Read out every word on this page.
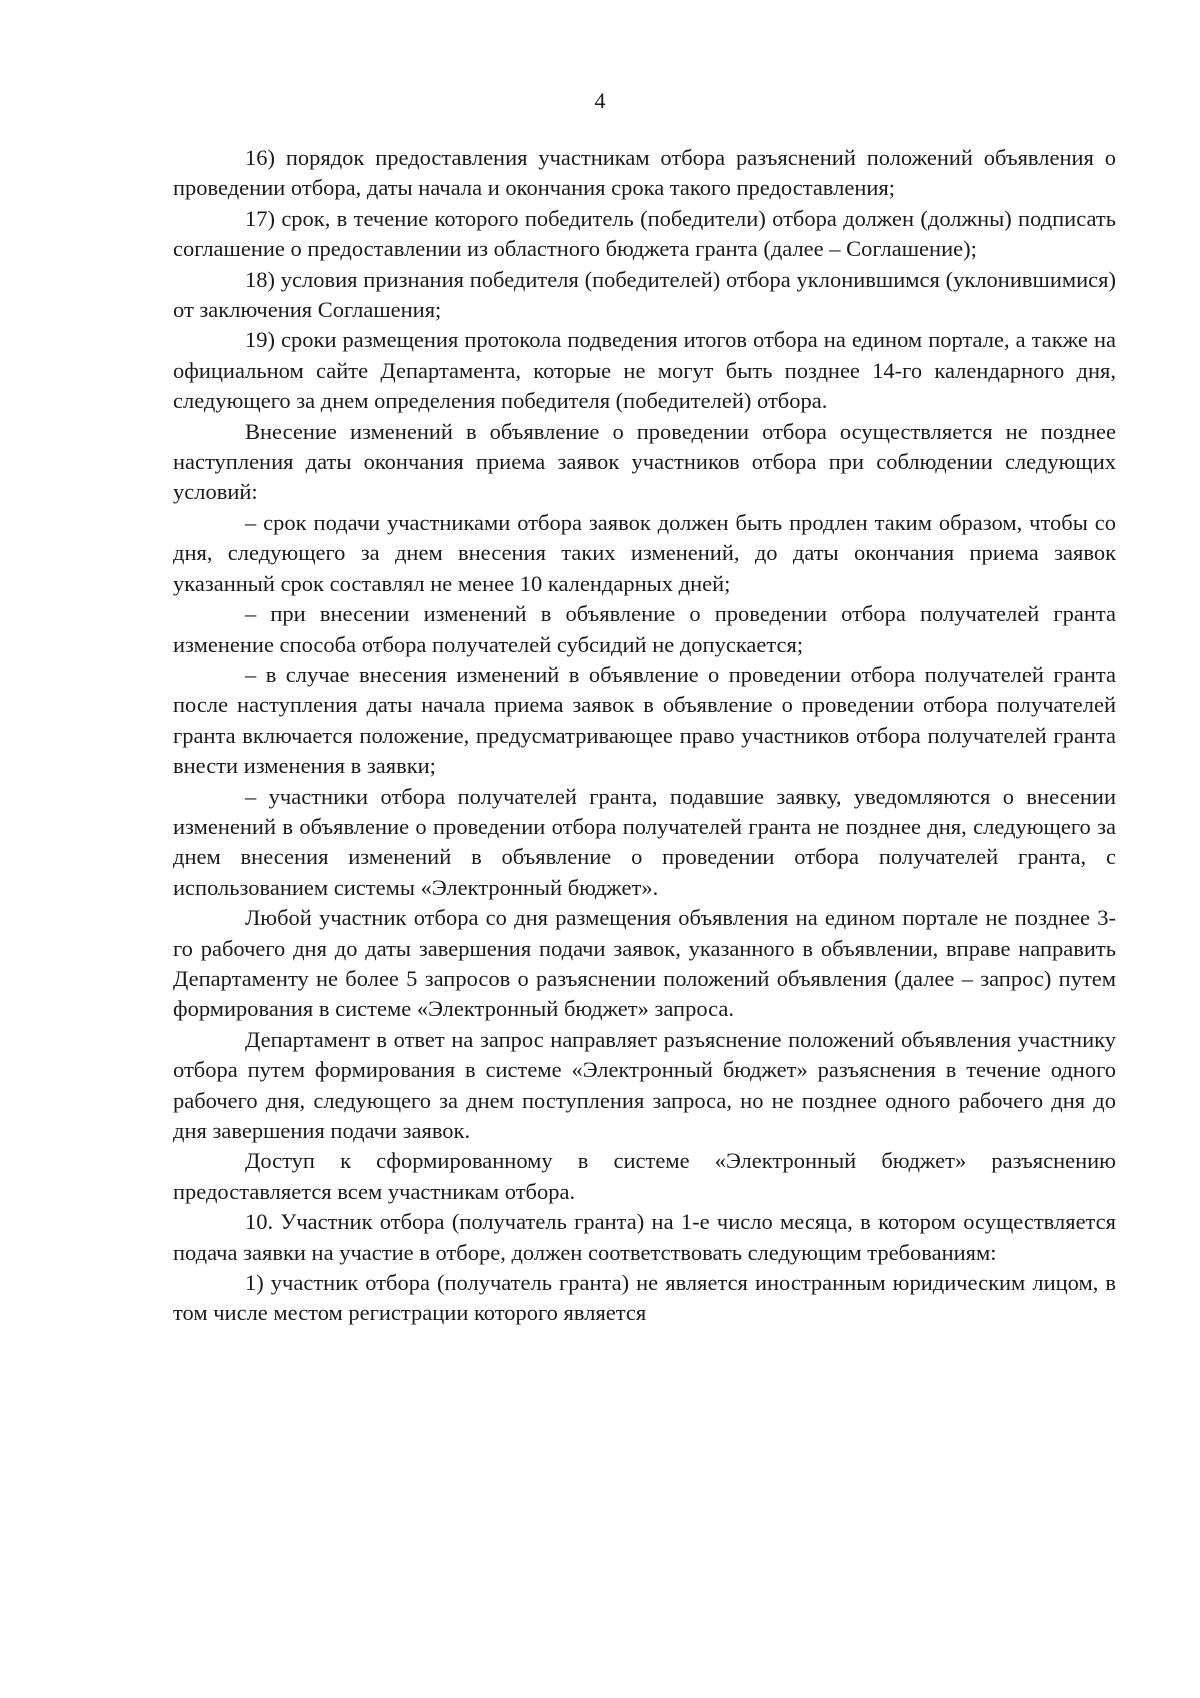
4

16) порядок предоставления участникам отбора разъяснений положений объявления о проведении отбора, даты начала и окончания срока такого предоставления;

17) срок, в течение которого победитель (победители) отбора должен (должны) подписать соглашение о предоставлении из областного бюджета гранта (далее – Соглашение);

18) условия признания победителя (победителей) отбора уклонившимся (уклонившимися) от заключения Соглашения;

19) сроки размещения протокола подведения итогов отбора на едином портале, а также на официальном сайте Департамента, которые не могут быть позднее 14-го календарного дня, следующего за днем определения победителя (победителей) отбора.

Внесение изменений в объявление о проведении отбора осуществляется не позднее наступления даты окончания приема заявок участников отбора при соблюдении следующих условий:

– срок подачи участниками отбора заявок должен быть продлен таким образом, чтобы со дня, следующего за днем внесения таких изменений, до даты окончания приема заявок указанный срок составлял не менее 10 календарных дней;

– при внесении изменений в объявление о проведении отбора получателей гранта изменение способа отбора получателей субсидий не допускается;

– в случае внесения изменений в объявление о проведении отбора получателей гранта после наступления даты начала приема заявок в объявление о проведении отбора получателей гранта включается положение, предусматривающее право участников отбора получателей гранта внести изменения в заявки;

– участники отбора получателей гранта, подавшие заявку, уведомляются о внесении изменений в объявление о проведении отбора получателей гранта не позднее дня, следующего за днем внесения изменений в объявление о проведении отбора получателей гранта, с использованием системы «Электронный бюджет».

Любой участник отбора со дня размещения объявления на едином портале не позднее 3-го рабочего дня до даты завершения подачи заявок, указанного в объявлении, вправе направить Департаменту не более 5 запросов о разъяснении положений объявления (далее – запрос) путем формирования в системе «Электронный бюджет» запроса.

Департамент в ответ на запрос направляет разъяснение положений объявления участнику отбора путем формирования в системе «Электронный бюджет» разъяснения в течение одного рабочего дня, следующего за днем поступления запроса, но не позднее одного рабочего дня до дня завершения подачи заявок.

Доступ к сформированному в системе «Электронный бюджет» разъяснению предоставляется всем участникам отбора.

10. Участник отбора (получатель гранта) на 1-е число месяца, в котором осуществляется подача заявки на участие в отборе, должен соответствовать следующим требованиям:

1) участник отбора (получатель гранта) не является иностранным юридическим лицом, в том числе местом регистрации которого является
